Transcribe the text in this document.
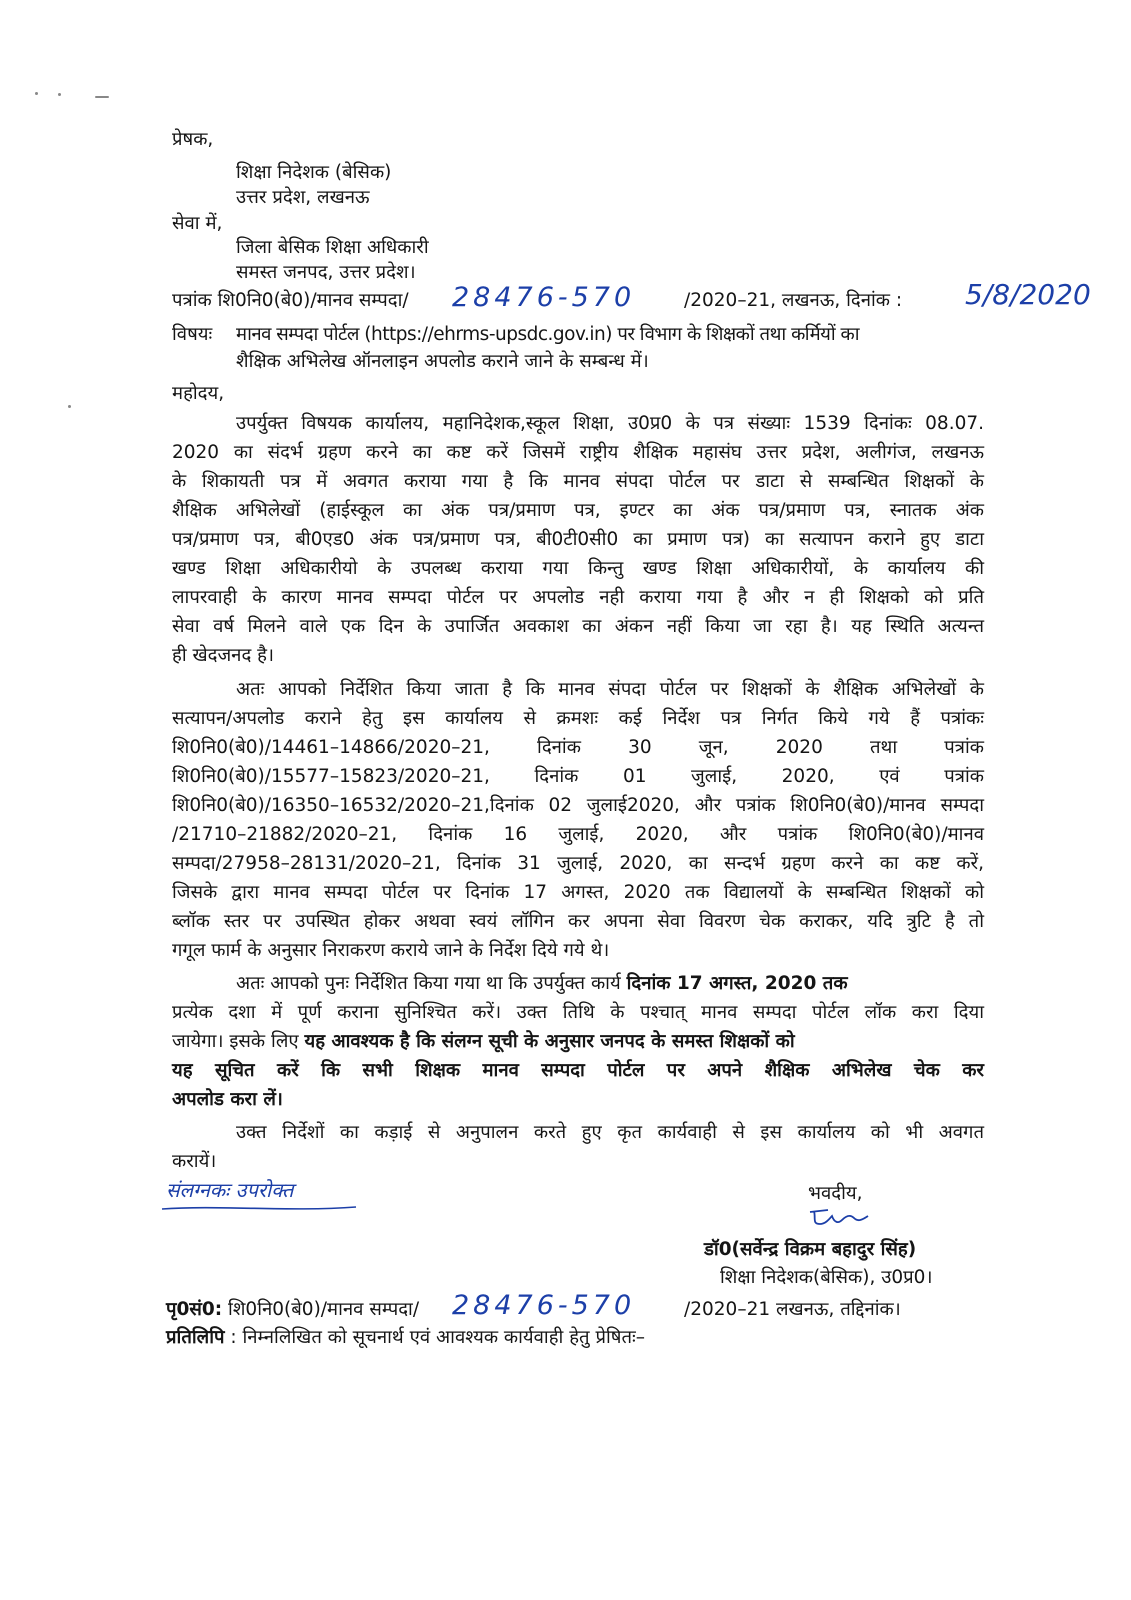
प्रेषक,
शिक्षा निदेशक (बेसिक)
उत्तर प्रदेश, लखनऊ
सेवा में,
जिला बेसिक शिक्षा अधिकारी
समस्त जनपद, उत्तर प्रदेश।
पत्रांक शि0नि0(बे0)/मानव सम्पदा/ 28476-570	/2020–21, लखनऊ, दिनांक : 5/8/2020
विषयः मानव सम्पदा पोर्टल (https://ehrms-upsdc.gov.in) पर विभाग के शिक्षकों तथा कर्मियों का
शैक्षिक अभिलेख ऑनलाइन अपलोड कराने जाने के सम्बन्ध में।
महोदय,
उपर्युक्त विषयक कार्यालय, महानिदेशक,स्कूल शिक्षा, उ0प्र0 के पत्र संख्याः 1539 दिनांकः 08.07.
2020 का संदर्भ ग्रहण करने का कष्ट करें जिसमें राष्ट्रीय शैक्षिक महासंघ उत्तर प्रदेश, अलीगंज, लखनऊ
के शिकायती पत्र में अवगत कराया गया है कि मानव संपदा पोर्टल पर डाटा से सम्बन्धित शिक्षकों के
शैक्षिक अभिलेखों (हाईस्कूल का अंक पत्र/प्रमाण पत्र, इण्टर का अंक पत्र/प्रमाण पत्र, स्नातक अंक
पत्र/प्रमाण पत्र, बी0एड0 अंक पत्र/प्रमाण पत्र, बी0टी0सी0 का प्रमाण पत्र) का सत्यापन कराने हुए डाटा
खण्ड शिक्षा अधिकारीयो के उपलब्ध कराया गया किन्तु खण्ड शिक्षा अधिकारीयों, के कार्यालय की
लापरवाही के कारण मानव सम्पदा पोर्टल पर अपलोड नही कराया गया है और न ही शिक्षको को प्रति
सेवा वर्ष मिलने वाले एक दिन के उपार्जित अवकाश का अंकन नहीं किया जा रहा है। यह स्थिति अत्यन्त
ही खेदजनद है।
अतः आपको निर्देशित किया जाता है कि मानव संपदा पोर्टल पर शिक्षकों के शैक्षिक अभिलेखों के
सत्यापन/अपलोड कराने हेतु इस कार्यालय से क्रमशः कई निर्देश पत्र निर्गत किये गये हैं पत्रांकः
शि0नि0(बे0)/14461–14866/2020–21, दिनांक 30 जून, 2020 तथा पत्रांक
शि0नि0(बे0)/15577–15823/2020–21, दिनांक 01 जुलाई, 2020, एवं पत्रांक
शि0नि0(बे0)/16350–16532/2020–21,दिनांक 02 जुलाई2020, और पत्रांक शि0नि0(बे0)/मानव सम्पदा
/21710–21882/2020–21, दिनांक 16 जुलाई, 2020, और पत्रांक शि0नि0(बे0)/मानव
सम्पदा/27958–28131/2020–21, दिनांक 31 जुलाई, 2020, का सन्दर्भ ग्रहण करने का कष्ट करें,
जिसके द्वारा मानव सम्पदा पोर्टल पर दिनांक 17 अगस्त, 2020 तक विद्यालयों के सम्बन्धित शिक्षकों को
ब्लॉक स्तर पर उपस्थित होकर अथवा स्वयं लॉगिन कर अपना सेवा विवरण चेक कराकर, यदि त्रुटि है तो
गगूल फार्म के अनुसार निराकरण कराये जाने के निर्देश दिये गये थे।
अतः आपको पुनः निर्देशित किया गया था कि उपर्युक्त कार्य दिनांक 17 अगस्त, 2020 तक
प्रत्येक दशा में पूर्ण कराना सुनिश्चित करें। उक्त तिथि के पश्चात् मानव सम्पदा पोर्टल लॉक करा दिया
जायेगा। इसके लिए यह आवश्यक है कि संलग्न सूची के अनुसार जनपद के समस्त शिक्षकों को
यह सूचित करें कि सभी शिक्षक मानव सम्पदा पोर्टल पर अपने शैक्षिक अभिलेख चेक कर
अपलोड करा लें।
उक्त निर्देशों का कड़ाई से अनुपालन करते हुए कृत कार्यवाही से इस कार्यालय को भी अवगत
करायें।
संलग्नकः उपरोक्त	भवदीय,
डॉ0(सर्वेन्द्र विक्रम बहादुर सिंह)
शिक्षा निदेशक(बेसिक), उ0प्र0।
पृ0सं0: शि0नि0(बे0)/मानव सम्पदा/ 28476-570	/2020–21 लखनऊ, तद्दिनांक।
प्रतिलिपि : निम्नलिखित को सूचनार्थ एवं आवश्यक कार्यवाही हेतु प्रेषितः–
